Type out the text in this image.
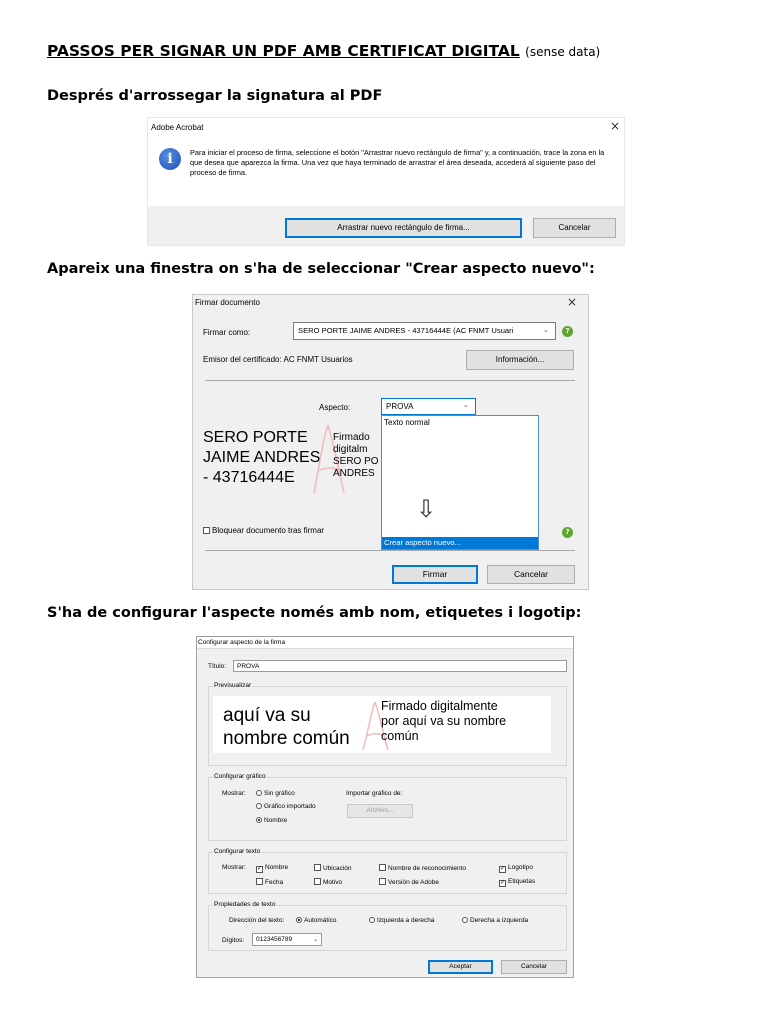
PASSOS PER SIGNAR UN PDF AMB CERTIFICAT DIGITAL (sense data)
Després d'arrossegar la signatura al PDF
Apareix una finestra on s'ha de seleccionar "Crear aspecto nuevo":
S'ha de configurar l'aspecte només amb nom, etiquetes i logotip:
Adobe Acrobat	×
i	Para iniciar el proceso de firma, seleccione el botón "Arrastrar nuevo rectángulo de firma" y, a continuación, trace la zona en la que desea que aparezca la firma. Una vez que haya terminado de arrastrar el área deseada, accederá al siguiente paso del proceso de firma.
Arrastrar nuevo rectángulo de firma...	Cancelar
Firmar documento	×
Firmar como:	SERO PORTE JAIME ANDRES - 43716444E (AC FNMT Usuari	⌄	?
Emisor del certificado: AC FNMT Usuarios	Información...
Aspecto:	PROVA	⌄
SERO PORTE
JAIME ANDRES
- 43716444E
Firmado
digitalm
SERO PO
ANDRES
Texto normal
⇩
Crear aspecto nuevo...
?
Bloquear documento tras firmar
Firmar	Cancelar
Configurar aspecto de la firma
Título: PROVA
Previsualizar
aquí va su
nombre común
Firmado digitalmente
por aquí va su nombre
común
Configurar gráfico
Mostrar:	Sin gráfico
Gráfico importado
Nombre
Importar gráfico de:
Archivo...
Configurar texto
Mostrar: ✓ Nombre	Ubicación	Nombre de reconocimiento	✓ Logotipo
Fecha	Motivo	Versión de Adobe	✓ Etiquetas
Propiedades de texto
Dirección del texto:	Automático	Izquierda a derecha	Derecha a izquierda
Dígitos: 0123456789	⌄
Aceptar	Cancelar
